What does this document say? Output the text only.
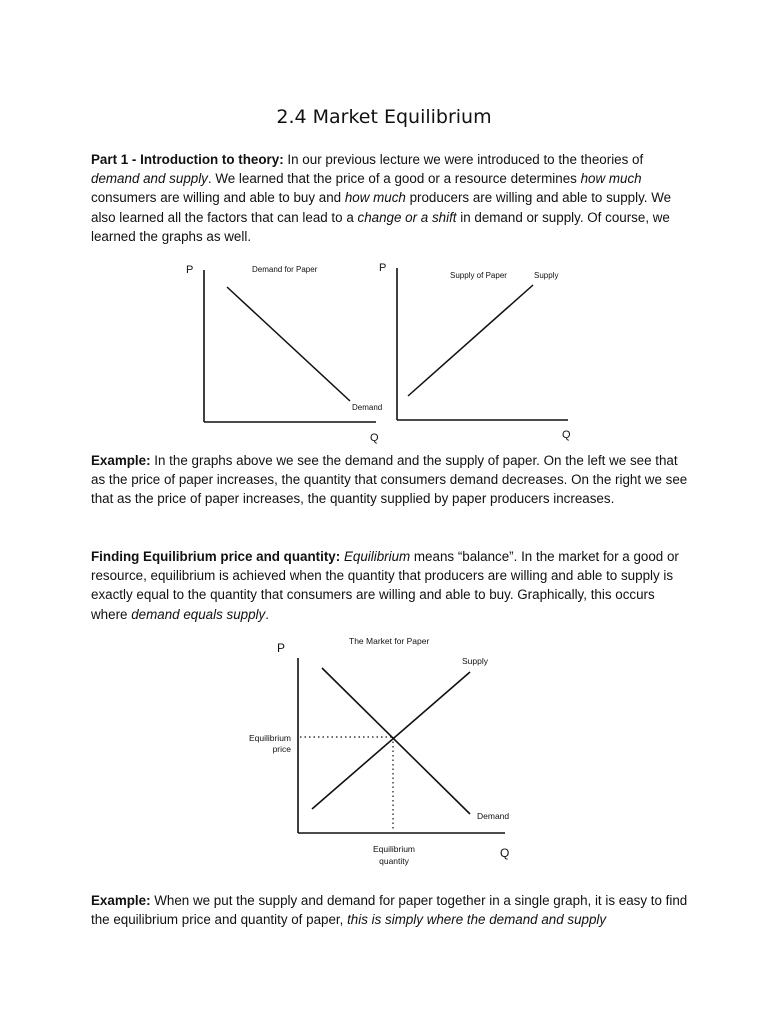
2.4 Market Equilibrium

Part 1 - Introduction to theory: In our previous lecture we were introduced to the theories of demand and supply. We learned that the price of a good or a resource determines how much consumers are willing and able to buy and how much producers are willing and able to supply. We also learned all the factors that can lead to a change or a shift in demand or supply. Of course, we learned the graphs as well.

P	Demand for Paper
Demand
Q
P
Supply of Paper	Supply
Q

Example: In the graphs above we see the demand and the supply of paper. On the left we see that as the price of paper increases, the quantity that consumers demand decreases. On the right we see that as the price of paper increases, the quantity supplied by paper producers increases.

Finding Equilibrium price and quantity: Equilibrium means “balance”. In the market for a good or resource, equilibrium is achieved when the quantity that producers are willing and able to supply is exactly equal to the quantity that consumers are willing and able to buy. Graphically, this occurs where demand equals supply.

P	The Market for Paper
Supply
Demand
Equilibrium
price
Equilibrium
quantity
Q

Example: When we put the supply and demand for paper together in a single graph, it is easy to find the equilibrium price and quantity of paper, this is simply where the demand and supply
